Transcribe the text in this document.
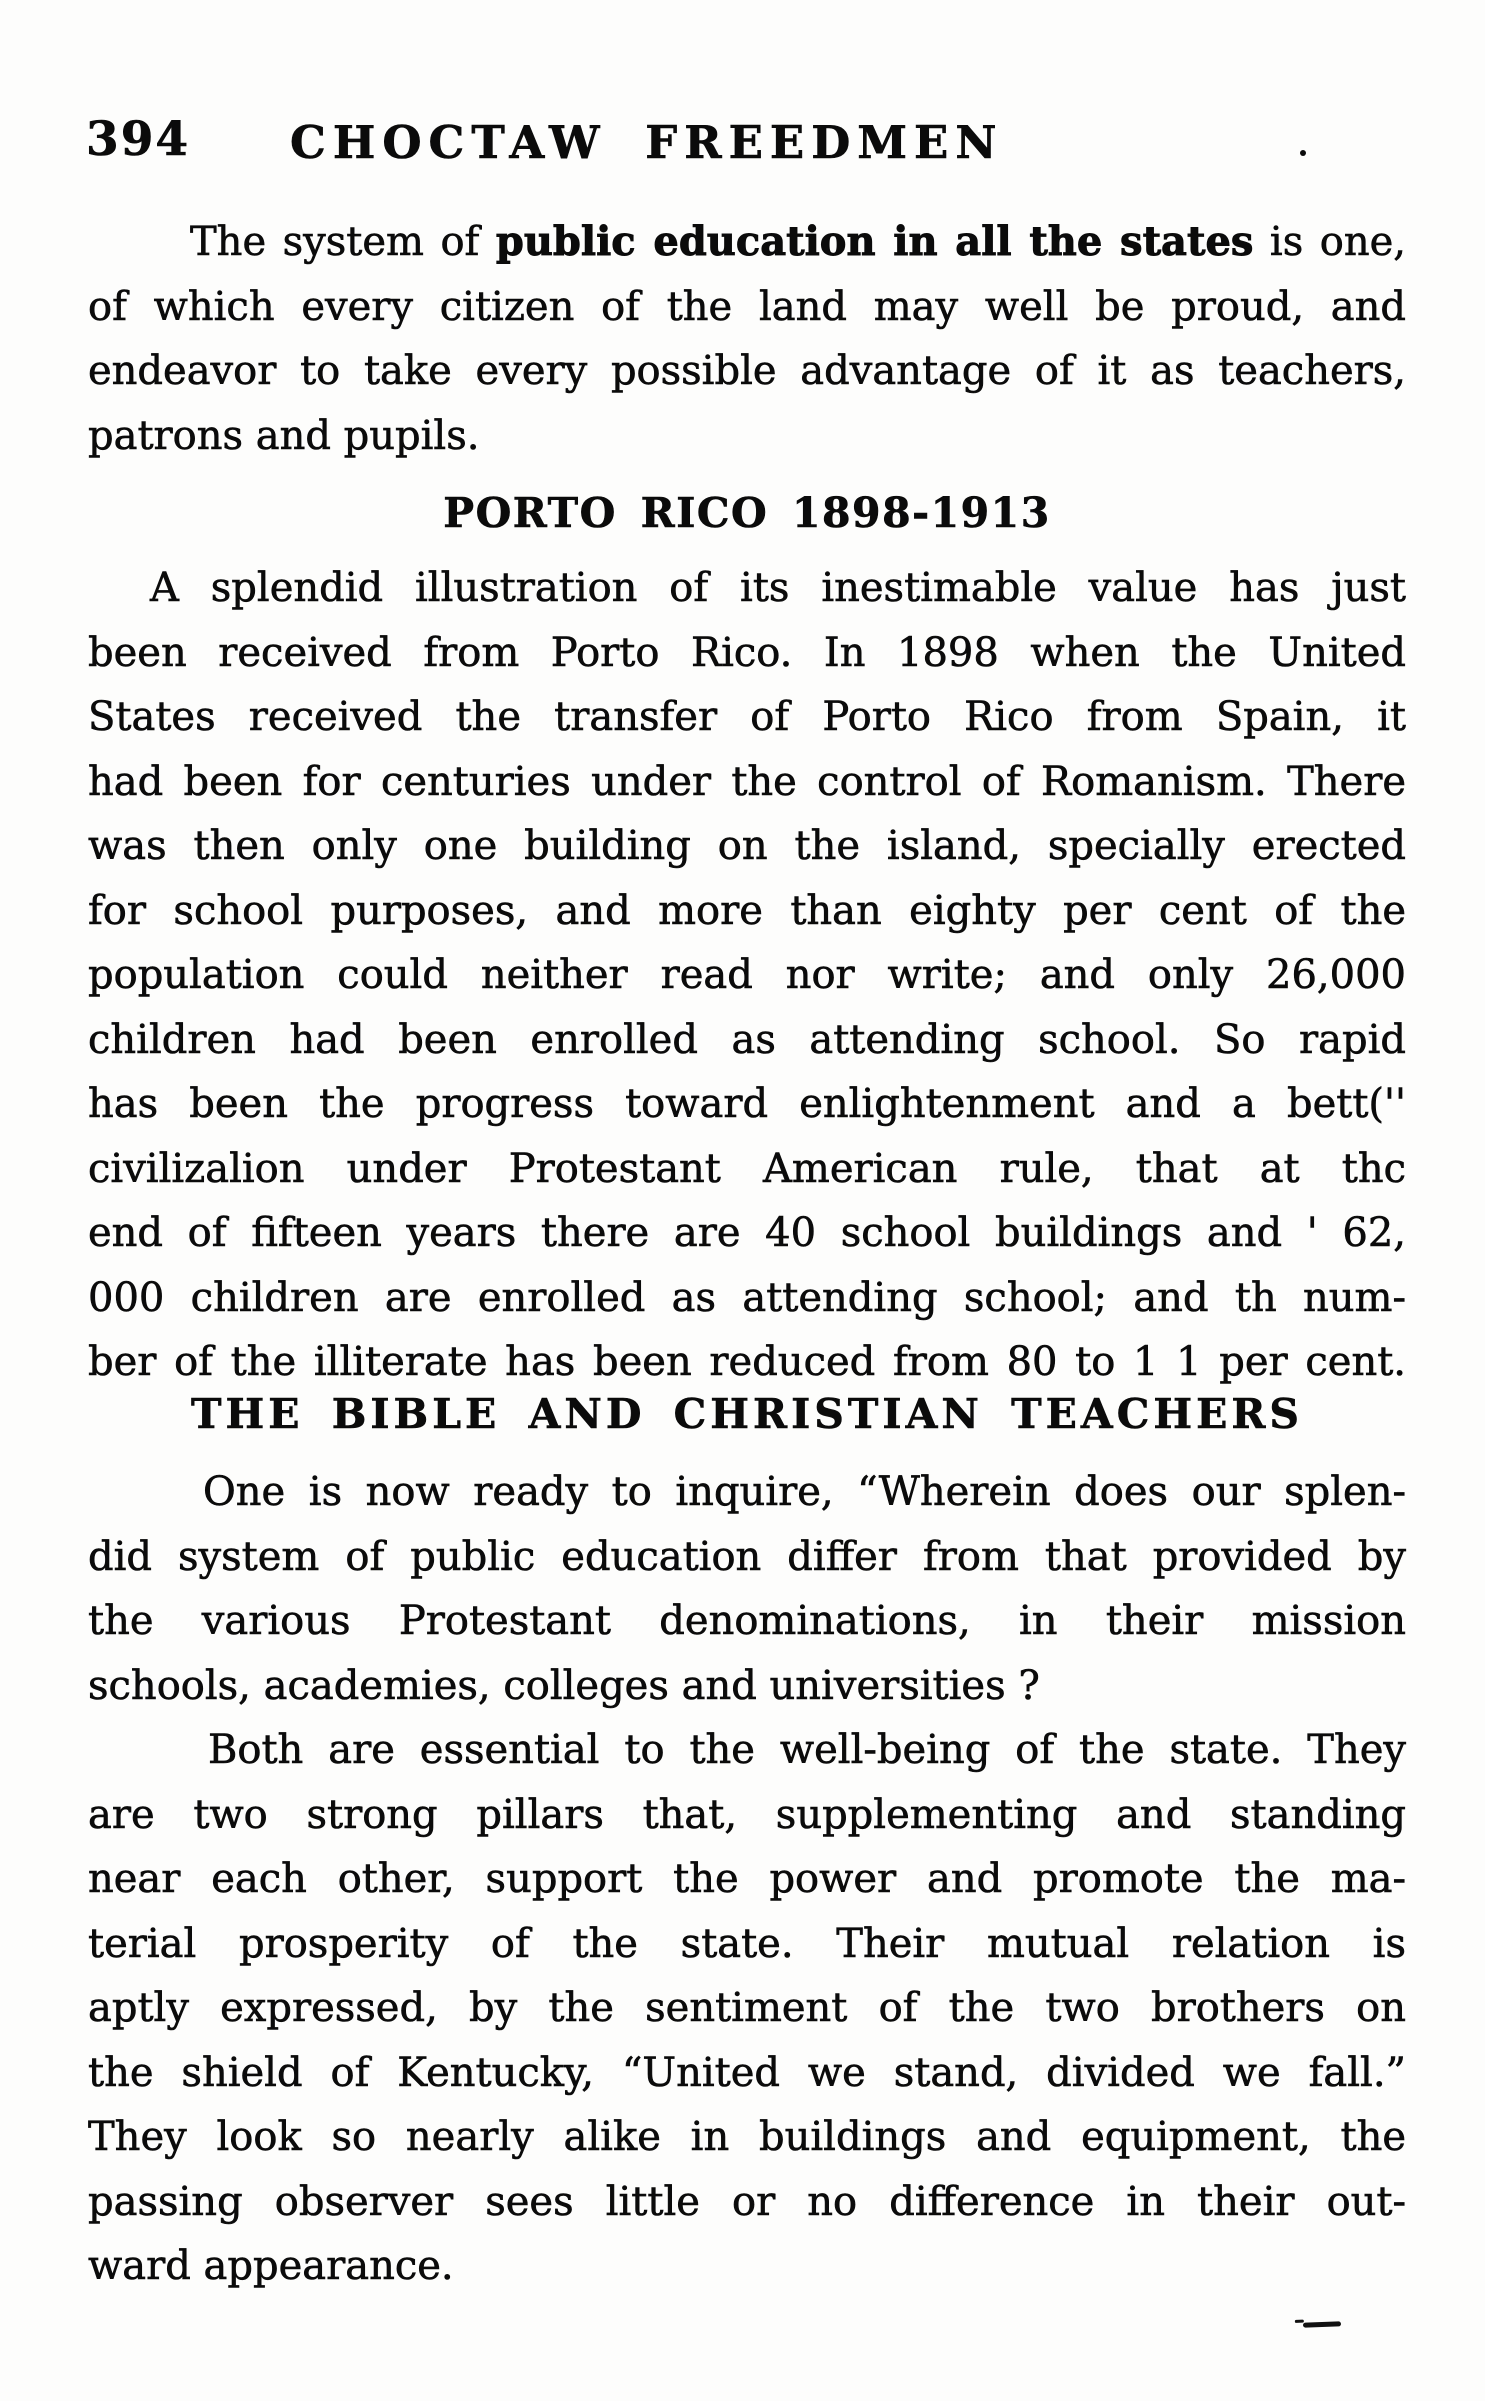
394 CHOCTAW FREEDMEN
The system of public education in all the states is one,
of which every citizen of the land may well be proud, and
endeavor to take every possible advantage of it as teachers,
patrons and pupils.
PORTO RICO 1898-1913
A splendid illustration of its inestimable value has just
been received from Porto Rico. In 1898 when the United
States received the transfer of Porto Rico from Spain, it
had been for centuries under the control of Romanism. There
was then only one building on the island, specially erected
for school purposes, and more than eighty per cent of the
population could neither read nor write; and only 26,000
children had been enrolled as attending school. So rapid
has been the progress toward enlightenment and a bett(''
civilizalion under Protestant American rule, that at thc
end of fifteen years there are 40 school buildings and ' 62,
000 children are enrolled as attending school; and th num-
ber of the illiterate has been reduced from 80 to 1 1 per cent.
THE BIBLE AND CHRISTIAN TEACHERS
One is now ready to inquire, “Wherein does our splen-
did system of public education differ from that provided by
the various Protestant denominations, in their mission
schools, academies, colleges and universities ?
Both are essential to the well-being of the state. They
are two strong pillars that, supplementing and standing
near each other, support the power and promote the ma-
terial prosperity of the state. Their mutual relation is
aptly expressed, by the sentiment of the two brothers on
the shield of Kentucky, “United we stand, divided we fall.”
They look so nearly alike in buildings and equipment, the
passing observer sees little or no difference in their out-
ward appearance.
